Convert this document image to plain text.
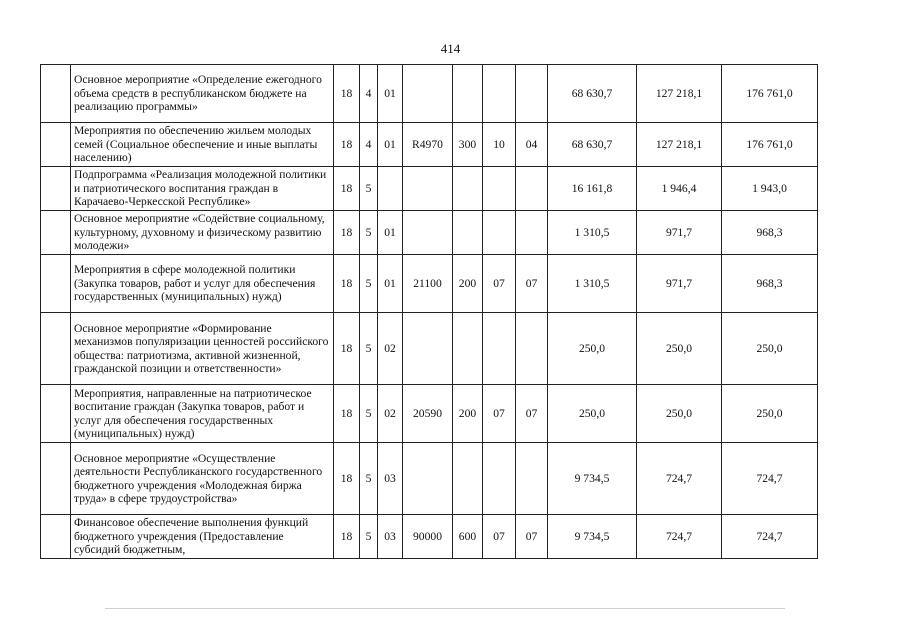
414
	Основное мероприятие «Определение ежегодного объема средств в республиканском бюджете на реализацию программы»	18	4	01					68 630,7	127 218,1	176 761,0
	Мероприятия по обеспечению жильем молодых семей (Социальное обеспечение и иные выплаты населению)	18	4	01	R4970	300	10	04	68 630,7	127 218,1	176 761,0
	Подпрограмма «Реализация молодежной политики и патриотического воспитания граждан в Карачаево-Черкесской Республике»	18	5						16 161,8	1 946,4	1 943,0
	Основное мероприятие «Содействие социальному, культурному, духовному и физическому развитию молодежи»	18	5	01					1 310,5	971,7	968,3
	Мероприятия в сфере молодежной политики (Закупка товаров, работ и услуг для обеспечения государственных (муниципальных) нужд)	18	5	01	21100	200	07	07	1 310,5	971,7	968,3
	Основное мероприятие «Формирование механизмов популяризации ценностей российского общества: патриотизма, активной жизненной, гражданской позиции и ответственности»	18	5	02					250,0	250,0	250,0
	Мероприятия, направленные на патриотическое воспитание граждан (Закупка товаров, работ и услуг для обеспечения государственных (муниципальных) нужд)	18	5	02	20590	200	07	07	250,0	250,0	250,0
	Основное мероприятие «Осуществление деятельности Республиканского государственного бюджетного учреждения «Молодежная биржа труда» в сфере трудоустройства»	18	5	03					9 734,5	724,7	724,7
	Финансовое обеспечение выполнения функций бюджетного учреждения (Предоставление субсидий бюджетным,	18	5	03	90000	600	07	07	9 734,5	724,7	724,7
